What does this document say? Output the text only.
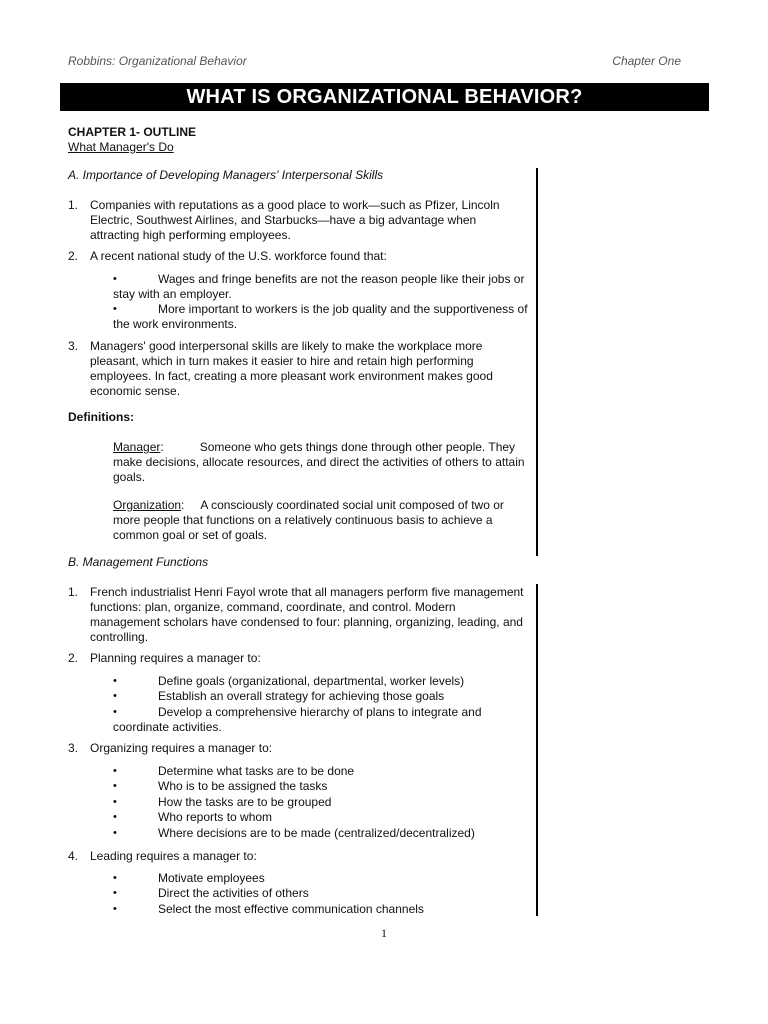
Robbins: Organizational Behavior	Chapter One
WHAT IS ORGANIZATIONAL BEHAVIOR?
CHAPTER 1- OUTLINE
What Manager's Do
A. Importance of Developing Managers' Interpersonal Skills
1. Companies with reputations as a good place to work—such as Pfizer, Lincoln Electric, Southwest Airlines, and Starbucks—have a big advantage when attracting high performing employees.
2. A recent national study of the U.S. workforce found that:
•	Wages and fringe benefits are not the reason people like their jobs or stay with an employer.
•	More important to workers is the job quality and the supportiveness of the work environments.
3. Managers' good interpersonal skills are likely to make the workplace more pleasant, which in turn makes it easier to hire and retain high performing employees. In fact, creating a more pleasant work environment makes good economic sense.
Definitions:
Manager:	Someone who gets things done through other people. They make decisions, allocate resources, and direct the activities of others to attain goals.
Organization: A consciously coordinated social unit composed of two or more people that functions on a relatively continuous basis to achieve a common goal or set of goals.
B. Management Functions
1. French industrialist Henri Fayol wrote that all managers perform five management functions: plan, organize, command, coordinate, and control. Modern management scholars have condensed to four: planning, organizing, leading, and controlling.
2. Planning requires a manager to:
•	Define goals (organizational, departmental, worker levels)
•	Establish an overall strategy for achieving those goals
•	Develop a comprehensive hierarchy of plans to integrate and coordinate activities.
3. Organizing requires a manager to:
•	Determine what tasks are to be done
•	Who is to be assigned the tasks
•	How the tasks are to be grouped
•	Who reports to whom
•	Where decisions are to be made (centralized/decentralized)
4. Leading requires a manager to:
•	Motivate employees
•	Direct the activities of others
•	Select the most effective communication channels
1
